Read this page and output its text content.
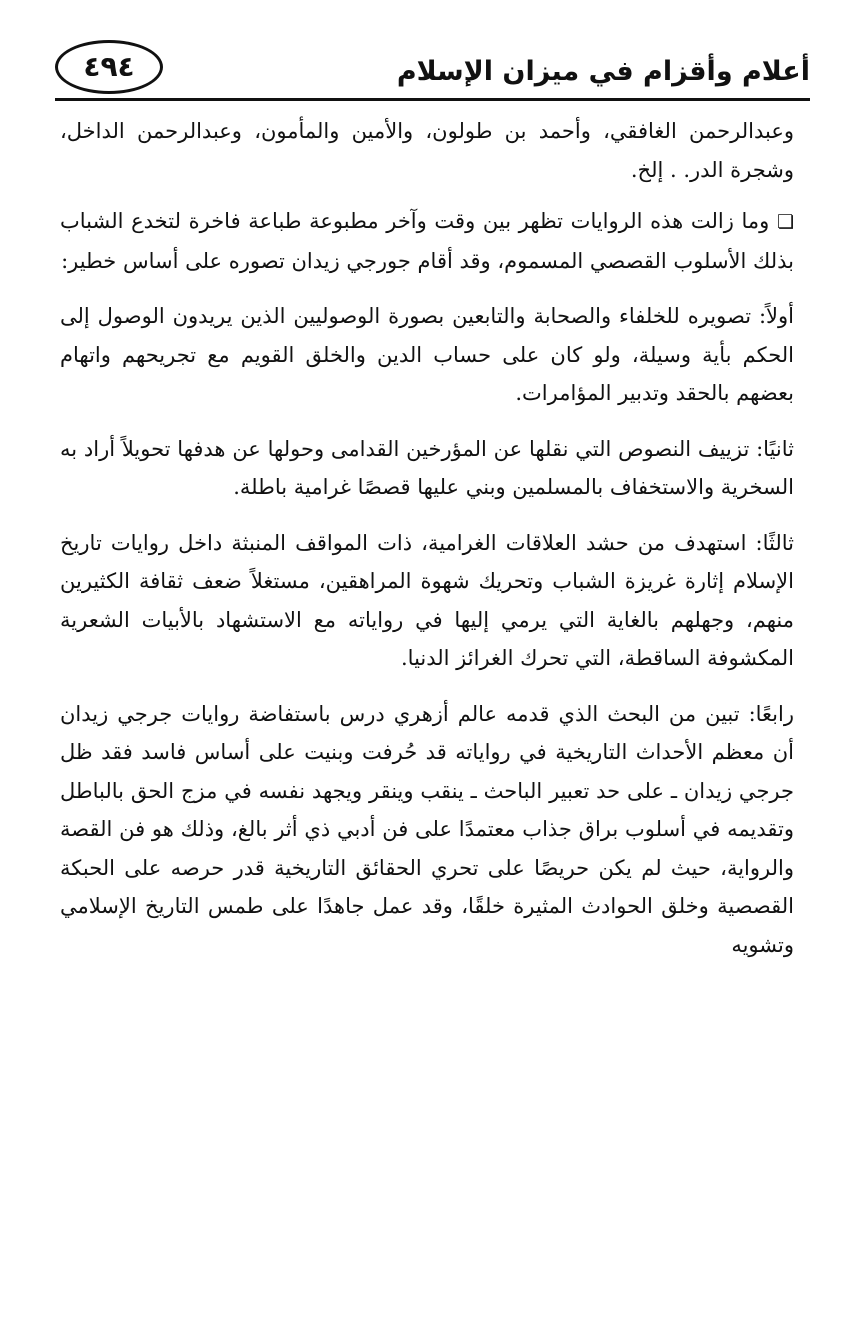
أعلام وأقزام في ميزان الإسلام
٤٩٤

وعبدالرحمن الغافقي، وأحمد بن طولون، والأمين والمأمون، وعبدالرحمن الداخل، وشجرة الدر. . إلخ.

❏ وما زالت هذه الروايات تظهر بين وقت وآخر مطبوعة طباعة فاخرة لتخدع الشباب بذلك الأسلوب القصصي المسموم، وقد أقام جورجي زيدان تصوره على أساس خطير:

أولاً: تصويره للخلفاء والصحابة والتابعين بصورة الوصوليين الذين يريدون الوصول إلى الحكم بأية وسيلة، ولو كان على حساب الدين والخلق القويم مع تجريحهم واتهام بعضهم بالحقد وتدبير المؤامرات.

ثانيًا: تزييف النصوص التي نقلها عن المؤرخين القدامى وحولها عن هدفها تحويلاً أراد به السخرية والاستخفاف بالمسلمين وبني عليها قصصًا غرامية باطلة.

ثالثًا: استهدف من حشد العلاقات الغرامية، ذات المواقف المنبثة داخل روايات تاريخ الإسلام إثارة غريزة الشباب وتحريك شهوة المراهقين، مستغلاً ضعف ثقافة الكثيرين منهم، وجهلهم بالغاية التي يرمي إليها في رواياته مع الاستشهاد بالأبيات الشعرية المكشوفة الساقطة، التي تحرك الغرائز الدنيا.

رابعًا: تبين من البحث الذي قدمه عالم أزهري درس باستفاضة روايات جرجي زيدان أن معظم الأحداث التاريخية في رواياته قد حُرفت وبنيت على أساس فاسد فقد ظل جرجي زيدان ـ على حد تعبير الباحث ـ ينقب وينقر ويجهد نفسه في مزج الحق بالباطل وتقديمه في أسلوب براق جذاب معتمدًا على فن أدبي ذي أثر بالغ، وذلك هو فن القصة والرواية، حيث لم يكن حريصًا على تحري الحقائق التاريخية قدر حرصه على الحبكة القصصية وخلق الحوادث المثيرة خلقًا، وقد عمل جاهدًا على طمس التاريخ الإسلامي وتشويه
